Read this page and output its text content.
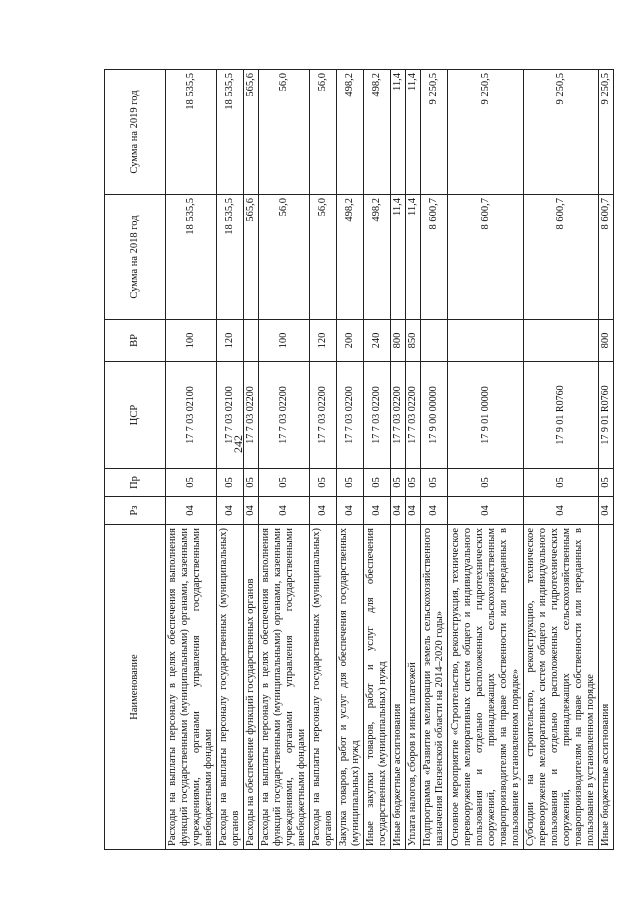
242
Наименование	Рз	Пр	ЦСР	ВР	Сумма на 2018 год	Сумма на 2019 год
Расходы на выплаты персоналу в целях обеспечения выполнения функций государственными (муниципальными) органами, казенными учреждениями, органами управления государственными внебюджетными фондами	04	05	17 7 03 02100	100	18 535,5	18 535,5
Расходы на выплаты персоналу государственных (муниципальных) органов	04	05	17 7 03 02100	120	18 535,5	18 535,5
Расходы на обеспечение функций государственных органов	04	05	17 7 03 02200		565,6	565,6
Расходы на выплаты персоналу в целях обеспечения выполнения функций государственными (муниципальными) органами, казенными учреждениями, органами управления государственными внебюджетными фондами	04	05	17 7 03 02200	100	56,0	56,0
Расходы на выплаты персоналу государственных (муниципальных) органов	04	05	17 7 03 02200	120	56,0	56,0
Закупка товаров, работ и услуг для обеспечения государственных (муниципальных) нужд	04	05	17 7 03 02200	200	498,2	498,2
Иные закупки товаров, работ и услуг для обеспечения государственных (муниципальных) нужд	04	05	17 7 03 02200	240	498,2	498,2
Иные бюджетные ассигнования	04	05	17 7 03 02200	800	11,4	11,4
Уплата налогов, сборов и иных платежей	04	05	17 7 03 02200	850	11,4	11,4
Подпрограмма «Развитие мелиорации земель сельскохозяйственного назначения Пензенской области на 2014–2020 годы»	04	05	17 9 00 00000		8 600,7	9 250,5
Основное мероприятие «Строительство, реконструкция, техническое перевооружение мелиоративных систем общего и индивидуального пользования и отдельно расположенных гидротехнических сооружений, принадлежащих сельскохозяйственным товаропроизводителям на праве собственности или переданных в пользование в установленном порядке»	04	05	17 9 01 00000		8 600,7	9 250,5
Субсидии на строительство, реконструкцию, техническое перевооружение мелиоративных систем общего и индивидуального пользования и отдельно расположенных гидротехнических сооружений, принадлежащих сельскохозяйственным товаропроизводителям на праве собственности или переданных в пользование в установленном порядке	04	05	17 9 01 R0760		8 600,7	9 250,5
Иные бюджетные ассигнования	04	05	17 9 01 R0760	800	8 600,7	9 250,5
